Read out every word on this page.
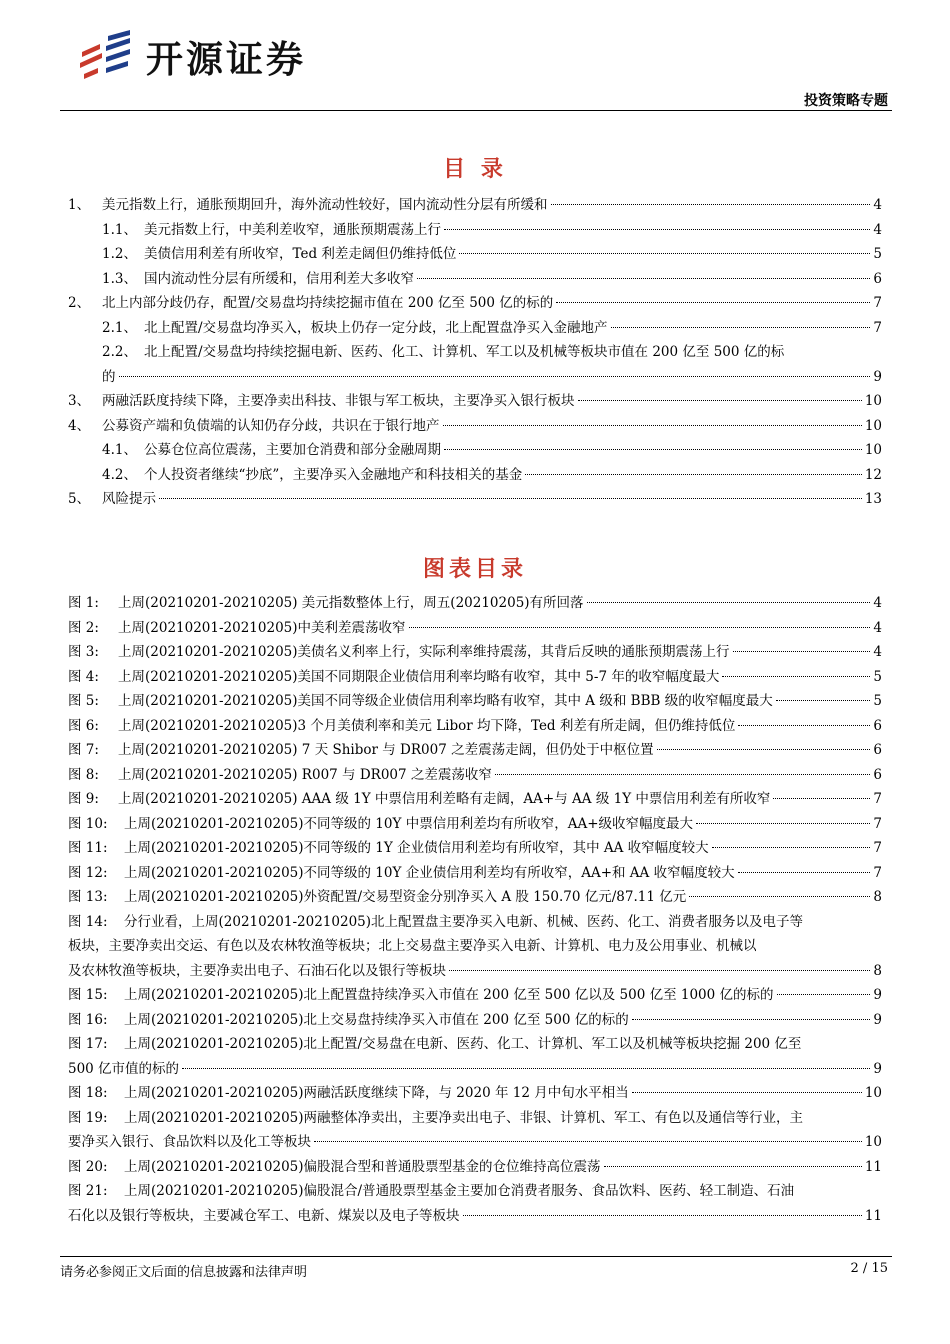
开源证券
投资策略专题
目 录
1、 美元指数上行，通胀预期回升，海外流动性较好，国内流动性分层有所缓和	4
1.1、 美元指数上行，中美利差收窄，通胀预期震荡上行	4
1.2、 美债信用利差有所收窄，Ted 利差走阔但仍维持低位	5
1.3、 国内流动性分层有所缓和，信用利差大多收窄	6
2、 北上内部分歧仍存，配置/交易盘均持续挖掘市值在 200 亿至 500 亿的标的	7
2.1、 北上配置/交易盘均净买入，板块上仍存一定分歧，北上配置盘净买入金融地产	7
2.2、 北上配置/交易盘均持续挖掘电新、医药、化工、计算机、军工以及机械等板块市值在 200 亿至 500 亿的标
的	9
3、 两融活跃度持续下降，主要净卖出科技、非银与军工板块，主要净买入银行板块	10
4、 公募资产端和负债端的认知仍存分歧，共识在于银行地产	10
4.1、 公募仓位高位震荡，主要加仓消费和部分金融周期	10
4.2、 个人投资者继续“抄底”，主要净买入金融地产和科技相关的基金	12
5、 风险提示	13
图表目录
图 1:	上周(20210201-20210205) 美元指数整体上行，周五(20210205)有所回落	4
图 2:	上周(20210201-20210205)中美利差震荡收窄	4
图 3:	上周(20210201-20210205)美债名义利率上行，实际利率维持震荡，其背后反映的通胀预期震荡上行	4
图 4:	上周(20210201-20210205)美国不同期限企业债信用利率均略有收窄，其中 5-7 年的收窄幅度最大	5
图 5:	上周(20210201-20210205)美国不同等级企业债信用利率均略有收窄，其中 A 级和 BBB 级的收窄幅度最大	5
图 6:	上周(20210201-20210205)3 个月美债利率和美元 Libor 均下降，Ted 利差有所走阔，但仍维持低位	6
图 7:	上周(20210201-20210205) 7 天 Shibor 与 DR007 之差震荡走阔，但仍处于中枢位置	6
图 8:	上周(20210201-20210205) R007 与 DR007 之差震荡收窄	6
图 9:	上周(20210201-20210205) AAA 级 1Y 中票信用利差略有走阔，AA+与 AA 级 1Y 中票信用利差有所收窄	7
图 10:	上周(20210201-20210205)不同等级的 10Y 中票信用利差均有所收窄，AA+级收窄幅度最大	7
图 11:	上周(20210201-20210205)不同等级的 1Y 企业债信用利差均有所收窄，其中 AA 收窄幅度较大	7
图 12:	上周(20210201-20210205)不同等级的 10Y 企业债信用利差均有所收窄，AA+和 AA 收窄幅度较大	7
图 13:	上周(20210201-20210205)外资配置/交易型资金分别净买入 A 股 150.70 亿元/87.11 亿元	8
图 14: 分行业看，上周(20210201-20210205)北上配置盘主要净买入电新、机械、医药、化工、消费者服务以及电子等
板块，主要净卖出交运、有色以及农林牧渔等板块；北上交易盘主要净买入电新、计算机、电力及公用事业、机械以
及农林牧渔等板块，主要净卖出电子、石油石化以及银行等板块	8
图 15:	上周(20210201-20210205)北上配置盘持续净买入市值在 200 亿至 500 亿以及 500 亿至 1000 亿的标的	9
图 16:	上周(20210201-20210205)北上交易盘持续净买入市值在 200 亿至 500 亿的标的	9
图 17: 上周(20210201-20210205)北上配置/交易盘在电新、医药、化工、计算机、军工以及机械等板块挖掘 200 亿至
500 亿市值的标的	9
图 18:	上周(20210201-20210205)两融活跃度继续下降，与 2020 年 12 月中旬水平相当	10
图 19: 上周(20210201-20210205)两融整体净卖出，主要净卖出电子、非银、计算机、军工、有色以及通信等行业，主
要净买入银行、食品饮料以及化工等板块	10
图 20:	上周(20210201-20210205)偏股混合型和普通股票型基金的仓位维持高位震荡	11
图 21: 上周(20210201-20210205)偏股混合/普通股票型基金主要加仓消费者服务、食品饮料、医药、轻工制造、石油
石化以及银行等板块，主要减仓军工、电新、煤炭以及电子等板块	11
请务必参阅正文后面的信息披露和法律声明	2 / 15
